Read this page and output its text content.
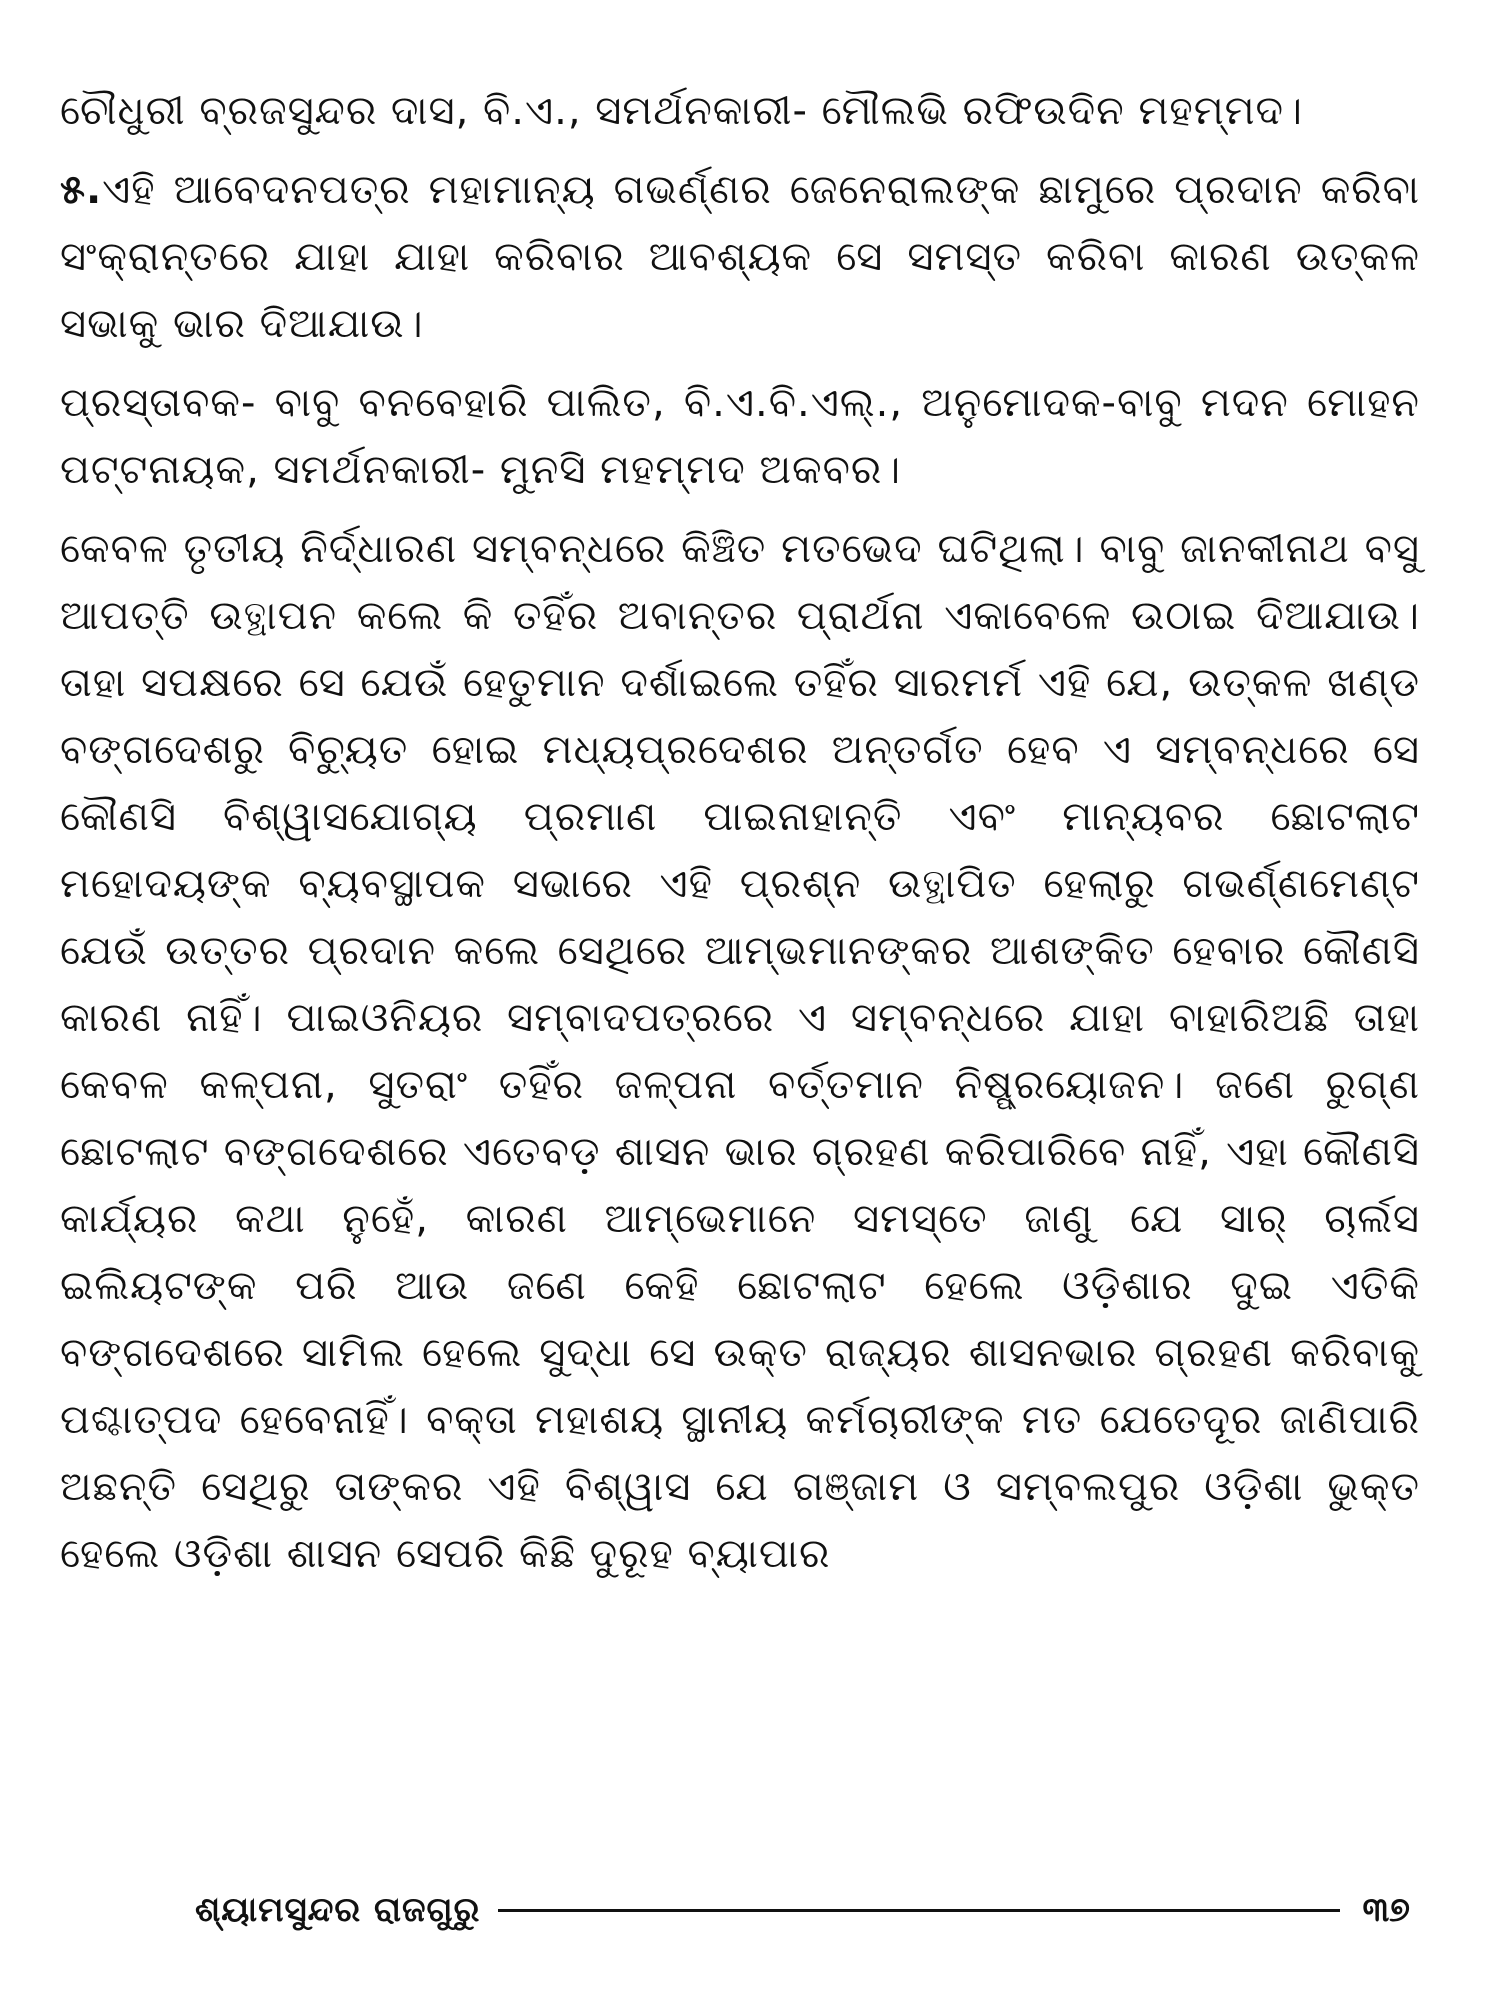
ଚୌଧୁରୀ ବ୍ରଜସୁନ୍ଦର ଦାସ, ବି.ଏ., ସମର୍ଥନକାରୀ- ମୌଲଭି ରଫିଉଦିନ ମହମ୍ମଦ।

୫.ଏହି ଆବେଦନପତ୍ର ମହାମାନ୍ୟ ଗଭର୍ଣ୍ଣର ଜେନେରାଲଙ୍କ ଛାମୁରେ ପ୍ରଦାନ କରିବା ସଂକ୍ରାନ୍ତରେ ଯାହା ଯାହା କରିବାର ଆବଶ୍ୟକ ସେ ସମସ୍ତ କରିବା କାରଣ ଉତ୍କଳ ସଭାକୁ ଭାର ଦିଆଯାଉ।

ପ୍ରସ୍ତାବକ- ବାବୁ ବନବେହାରି ପାଲିତ, ବି.ଏ.ବି.ଏଲ୍., ଅନୁମୋଦକ-ବାବୁ ମଦନ ମୋହନ ପଟ୍ଟନାୟକ, ସମର୍ଥନକାରୀ- ମୁନସି ମହମ୍ମଦ ଅକବର।

କେବଳ ତୃତୀୟ ନିର୍ଦ୍ଧାରଣ ସମ୍ବନ୍ଧରେ କିଞ୍ଚିତ ମତଭେଦ ଘଟିଥିଲା। ବାବୁ ଜାନକୀନାଥ ବସୁ ଆପତ୍ତି ଉତ୍ଥାପନ କଲେ କି ତହିଁର ଅବାନ୍ତର ପ୍ରାର୍ଥନା ଏକାବେଳେ ଉଠାଇ ଦିଆଯାଉ। ତାହା ସପକ୍ଷରେ ସେ ଯେଉଁ ହେତୁମାନ ଦର୍ଶାଇଲେ ତହିଁର ସାରମର୍ମ ଏହି ଯେ, ଉତ୍କଳ ଖଣ୍ଡ ବଙ୍ଗଦେଶରୁ ବିଚ୍ୟୁତ ହୋଇ ମଧ୍ୟପ୍ରଦେଶର ଅନ୍ତର୍ଗତ ହେବ ଏ ସମ୍ବନ୍ଧରେ ସେ କୌଣସି ବିଶ୍ୱାସଯୋଗ୍ୟ ପ୍ରମାଣ ପାଇନାହାନ୍ତି ଏବଂ ମାନ୍ୟବର ଛୋଟଲାଟ ମହୋଦୟଙ୍କ ବ୍ୟବସ୍ଥାପକ ସଭାରେ ଏହି ପ୍ରଶ୍ନ ଉତ୍ଥାପିତ ହେଲାରୁ ଗଭର୍ଣ୍ଣମେଣ୍ଟ ଯେଉଁ ଉତ୍ତର ପ୍ରଦାନ କଲେ ସେଥିରେ ଆମ୍ଭମାନଙ୍କର ଆଶଙ୍କିତ ହେବାର କୌଣସି କାରଣ ନାହିଁ। ପାଇଓନିୟର ସମ୍ବାଦପତ୍ରରେ ଏ ସମ୍ବନ୍ଧରେ ଯାହା ବାହାରିଅଛି ତାହା କେବଳ କଳ୍ପନା, ସୁତରାଂ ତହିଁର ଜଳ୍ପନା ବର୍ତ୍ତମାନ ନିଷ୍ପ୍ରୟୋଜନ। ଜଣେ ରୁଗ୍ଣ ଛୋଟଲାଟ ବଙ୍ଗଦେଶରେ ଏତେବଡ଼ ଶାସନ ଭାର ଗ୍ରହଣ କରିପାରିବେ ନାହିଁ, ଏହା କୌଣସି କାର୍ଯ୍ୟର କଥା ନୁହେଁ, କାରଣ ଆମ୍ଭେମାନେ ସମସ୍ତେ ଜାଣୁ ଯେ ସାର୍ ଚାର୍ଲସ ଇଲିୟଟଙ୍କ ପରି ଆଉ ଜଣେ କେହି ଛୋଟଲାଟ ହେଲେ ଓଡ଼ିଶାର ଦୁଇ ଏତିକି ବଙ୍ଗଦେଶରେ ସାମିଲ ହେଲେ ସୁଦ୍ଧା ସେ ଉକ୍ତ ରାଜ୍ୟର ଶାସନଭାର ଗ୍ରହଣ କରିବାକୁ ପଶ୍ଚାତ୍‌ପଦ ହେବେନାହିଁ। ବକ୍ତା ମହାଶୟ ସ୍ଥାନୀୟ କର୍ମଚାରୀଙ୍କ ମତ ଯେତେଦୂର ଜାଣିପାରି ଅଛନ୍ତି ସେଥିରୁ ତାଙ୍କର ଏହି ବିଶ୍ୱାସ ଯେ ଗଞ୍ଜାମ ଓ ସମ୍ବଲପୁର ଓଡ଼ିଶା ଭୁକ୍ତ ହେଲେ ଓଡ଼ିଶା ଶାସନ ସେପରି କିଛି ଦୁରୂହ ବ୍ୟାପାର

ଶ୍ୟାମସୁନ୍ଦର ରାଜଗୁରୁ	୩୭
